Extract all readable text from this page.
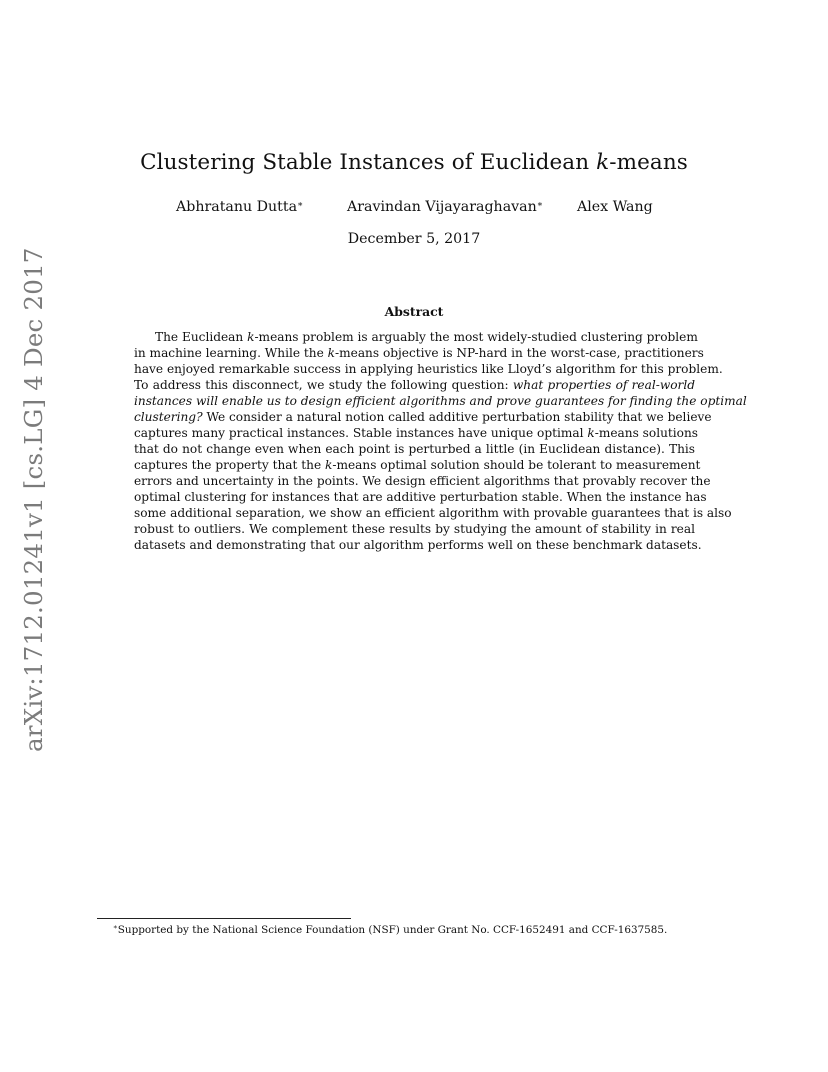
Clustering Stable Instances of Euclidean k-means
Abhratanu Dutta∗	Aravindan Vijayaraghavan∗ Alex Wang
December 5, 2017
Abstract
The Euclidean k-means problem is arguably the most widely-studied clustering problem
in machine learning. While the k-means objective is NP-hard in the worst-case, practitioners
have enjoyed remarkable success in applying heuristics like Lloyd’s algorithm for this problem.
To address this disconnect, we study the following question: what properties of real-world
instances will enable us to design efficient algorithms and prove guarantees for finding the optimal
clustering? We consider a natural notion called additive perturbation stability that we believe
captures many practical instances. Stable instances have unique optimal k-means solutions
that do not change even when each point is perturbed a little (in Euclidean distance). This
captures the property that the k-means optimal solution should be tolerant to measurement
errors and uncertainty in the points. We design efficient algorithms that provably recover the
optimal clustering for instances that are additive perturbation stable. When the instance has
some additional separation, we show an efficient algorithm with provable guarantees that is also
robust to outliers. We complement these results by studying the amount of stability in real
datasets and demonstrating that our algorithm performs well on these benchmark datasets.
arXiv:1712.01241v1 [cs.LG] 4 Dec 2017
∗Supported by the National Science Foundation (NSF) under Grant No. CCF-1652491 and CCF-1637585.
